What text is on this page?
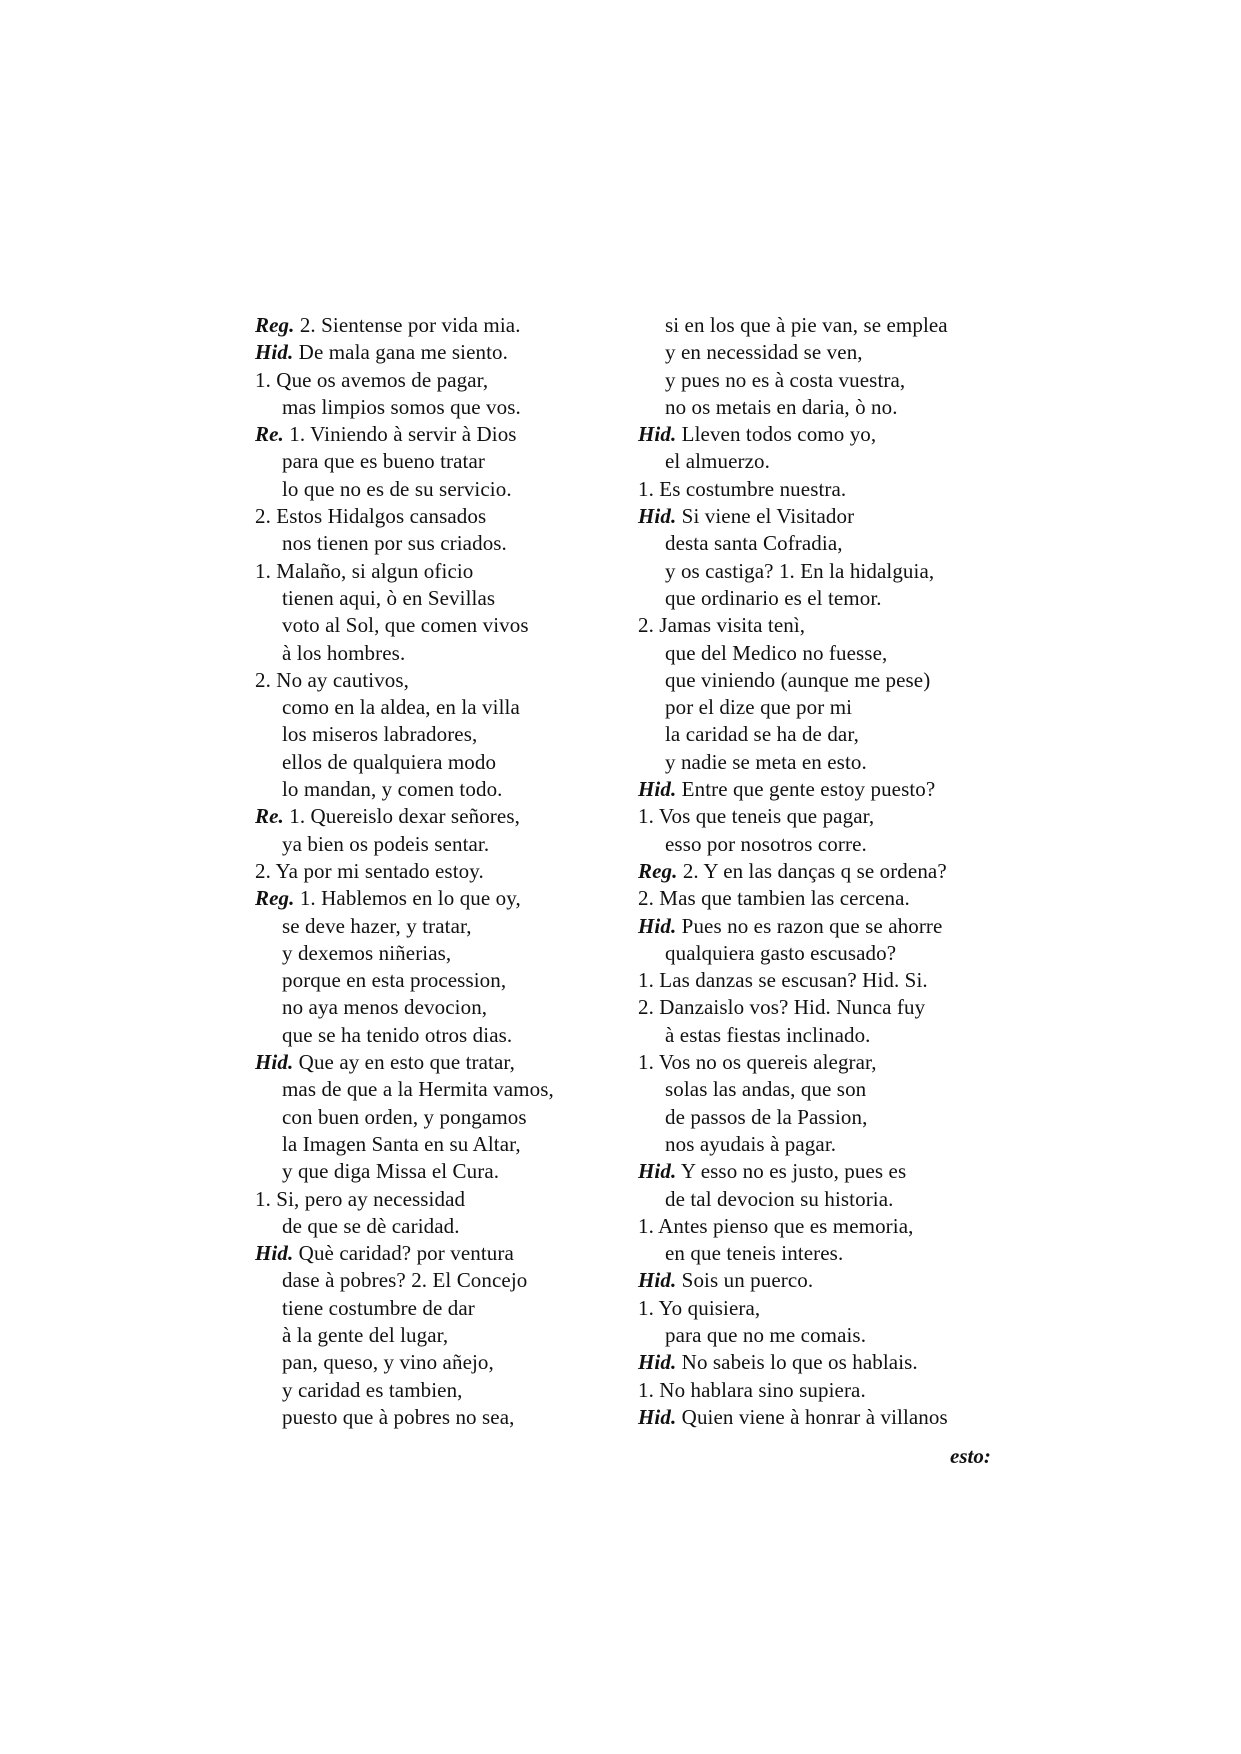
Reg. 2. Sientense por vida mia.
Hid. De mala gana me siento.
1. Que os avemos de pagar,
mas limpios somos que vos.
Re. 1. Viniendo à servir à Dios
para que es bueno tratar
lo que no es de su servicio.
2. Estos Hidalgos cansados
nos tienen por sus criados.
1. Malaño, si algun oficio
tienen aqui, ò en Sevillas
voto al Sol, que comen vivos
à los hombres.
2. No ay cautivos,
como en la aldea, en la villa
los miseros labradores,
ellos de qualquiera modo
lo mandan, y comen todo.
Re. 1. Quereislo dexar señores,
ya bien os podeis sentar.
2. Ya por mi sentado estoy.
Reg. 1. Hablemos en lo que oy,
se deve hazer, y tratar,
y dexemos niñerias,
porque en esta procession,
no aya menos devocion,
que se ha tenido otros dias.
Hid. Que ay en esto que tratar,
mas de que a la Hermita vamos,
con buen orden, y pongamos
la Imagen Santa en su Altar,
y que diga Missa el Cura.
1. Si, pero ay necessidad
de que se dè caridad.
Hid. Què caridad? por ventura
dase à pobres? 2. El Concejo
tiene costumbre de dar
à la gente del lugar,
pan, queso, y vino añejo,
y caridad es tambien,
puesto que à pobres no sea,
si en los que à pie van, se emplea
y en necessidad se ven,
y pues no es à costa vuestra,
no os metais en daria, ò no.
Hid. Lleven todos como yo,
el almuerzo.
1. Es costumbre nuestra.
Hid. Si viene el Visitador
desta santa Cofradia,
y os castiga? 1. En la hidalguia,
que ordinario es el temor.
2. Jamas visita tenì,
que del Medico no fuesse,
que viniendo (aunque me pese)
por el dize que por mi
la caridad se ha de dar,
y nadie se meta en esto.
Hid. Entre que gente estoy puesto?
1. Vos que teneis que pagar,
esso por nosotros corre.
Reg. 2. Y en las danças q se ordena?
2. Mas que tambien las cercena.
Hid. Pues no es razon que se ahorre
qualquiera gasto escusado?
1. Las danzas se escusan? Hid. Si.
2. Danzaislo vos? Hid. Nunca fuy
à estas fiestas inclinado.
1. Vos no os quereis alegrar,
solas las andas, que son
de passos de la Passion,
nos ayudais à pagar.
Hid. Y esso no es justo, pues es
de tal devocion su historia.
1. Antes pienso que es memoria,
en que teneis interes.
Hid. Sois un puerco.
1. Yo quisiera,
para que no me comais.
Hid. No sabeis lo que os hablais.
1. No hablara sino supiera.
Hid. Quien viene à honrar à villanos
esto:
